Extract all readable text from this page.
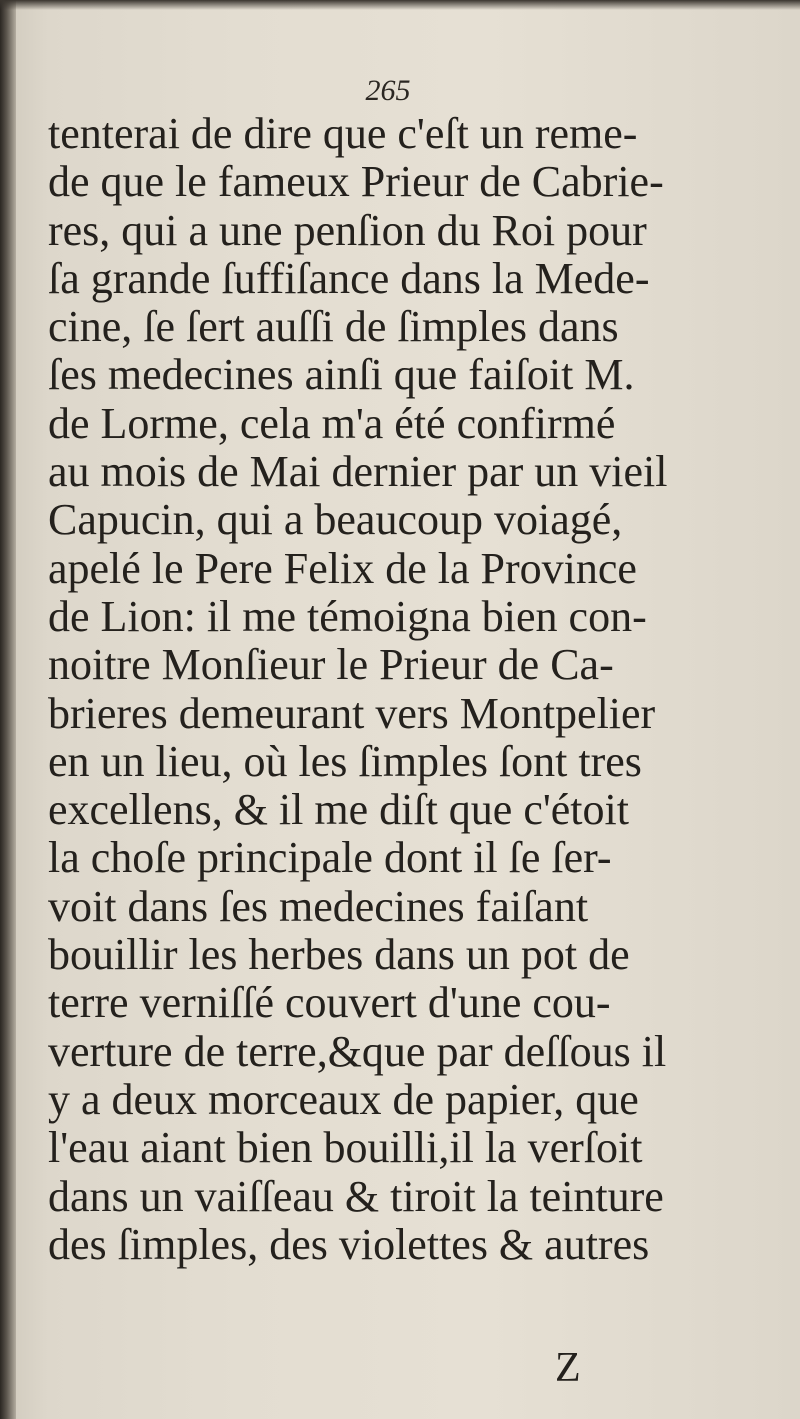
265
tenterai de dire que c'eſt un reme-
de que le fameux Prieur de Cabrie-
res, qui a une penſion du Roi pour
ſa grande ſuffiſance dans la Mede-
cine, ſe ſert auſſi de ſimples dans
ſes medecines ainſi que faiſoit M.
de Lorme, cela m'a été confirmé
au mois de Mai dernier par un vieil
Capucin, qui a beaucoup voiagé,
apelé le Pere Felix de la Province
de Lion: il me témoigna bien con-
noitre Monſieur le Prieur de Ca-
brieres demeurant vers Montpelier
en un lieu, où les ſimples ſont tres
excellens, & il me diſt que c'étoit
la choſe principale dont il ſe ſer-
voit dans ſes medecines faiſant
bouillir les herbes dans un pot de
terre verniſſé couvert d'une cou-
verture de terre,&que par deſſous il
y a deux morceaux de papier, que
l'eau aiant bien bouilli,il la verſoit
dans un vaiſſeau & tiroit la teinture
des ſimples, des violettes & autres
Z
